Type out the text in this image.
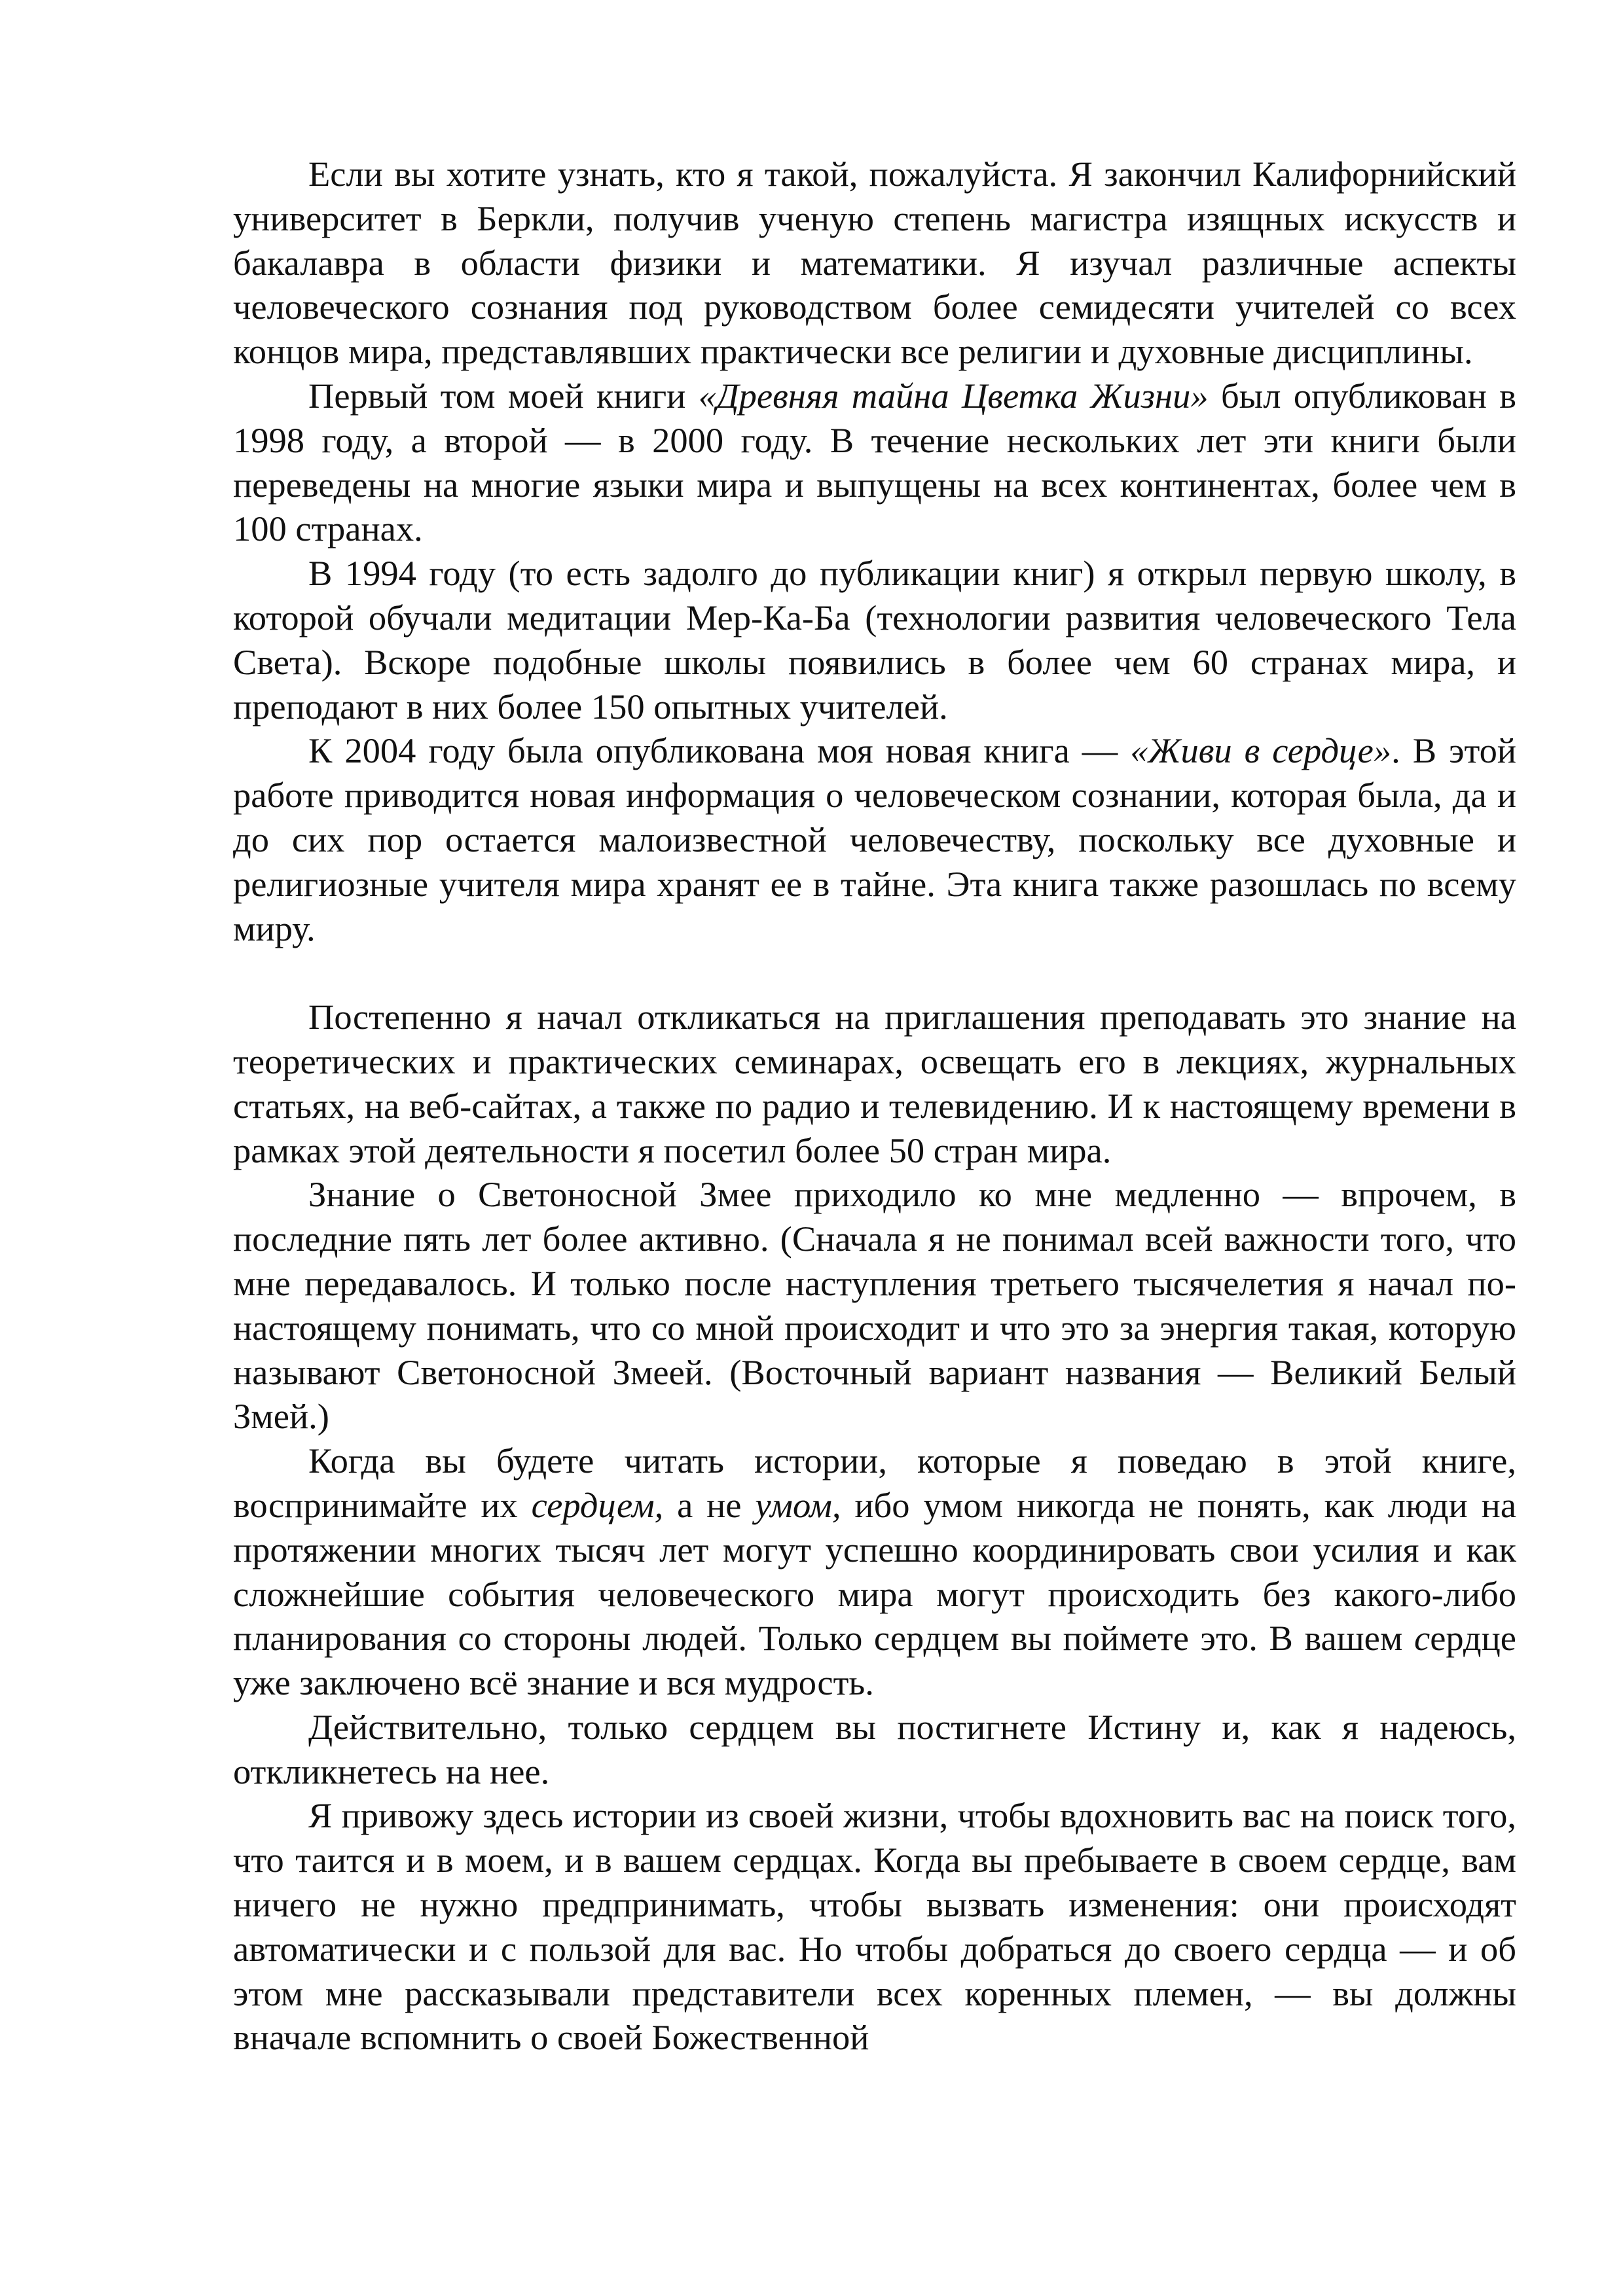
Если вы хотите узнать, кто я такой, пожалуйста. Я закончил Калифорнийский университет в Беркли, получив ученую степень магистра изящных искусств и бакалавра в области физики и математики. Я изучал различные аспекты человеческого сознания под руководством более семидесяти учителей со всех концов мира, представлявших практически все религии и духовные дисциплины.

Первый том моей книги «Древняя тайна Цветка Жизни» был опубликован в 1998 году, а второй — в 2000 году. В течение нескольких лет эти книги были переведены на многие языки мира и выпущены на всех континентах, более чем в 100 странах.

В 1994 году (то есть задолго до публикации книг) я открыл первую школу, в которой обучали медитации Мер-Ка-Ба (технологии развития человеческого Тела Света). Вскоре подобные школы появились в более чем 60 странах мира, и преподают в них более 150 опытных учителей.

К 2004 году была опубликована моя новая книга — «Живи в сердце». В этой работе приводится новая информация о человеческом сознании, которая была, да и до сих пор остается малоизвестной человечеству, поскольку все духовные и религиозные учителя мира хранят ее в тайне. Эта книга также разошлась по всему миру.

Постепенно я начал откликаться на приглашения преподавать это знание на теоретических и практических семинарах, освещать его в лекциях, журнальных статьях, на веб-сайтах, а также по радио и телевидению. И к настоящему времени в рамках этой деятельности я посетил более 50 стран мира.

Знание о Светоносной Змее приходило ко мне медленно — впрочем, в последние пять лет более активно. (Сначала я не понимал всей важности того, что мне передавалось. И только после наступления третьего тысячелетия я начал по-настоящему понимать, что со мной происходит и что это за энергия такая, которую называют Светоносной Змеей. (Восточный вариант названия — Великий Белый Змей.)

Когда вы будете читать истории, которые я поведаю в этой книге, воспринимайте их сердцем, а не умом, ибо умом никогда не понять, как люди на протяжении многих тысяч лет могут успешно координировать свои усилия и как сложнейшие события человеческого мира могут происходить без какого-либо планирования со стороны людей. Только сердцем вы поймете это. В вашем сердце уже заключено всё знание и вся мудрость.

Действительно, только сердцем вы постигнете Истину и, как я надеюсь, откликнетесь на нее.

Я привожу здесь истории из своей жизни, чтобы вдохновить вас на поиск того, что таится и в моем, и в вашем сердцах. Когда вы пребываете в своем сердце, вам ничего не нужно предпринимать, чтобы вызвать изменения: они происходят автоматически и с пользой для вас. Но чтобы добраться до своего сердца — и об этом мне рассказывали представители всех коренных племен, — вы должны вначале вспомнить о своей Божественной
